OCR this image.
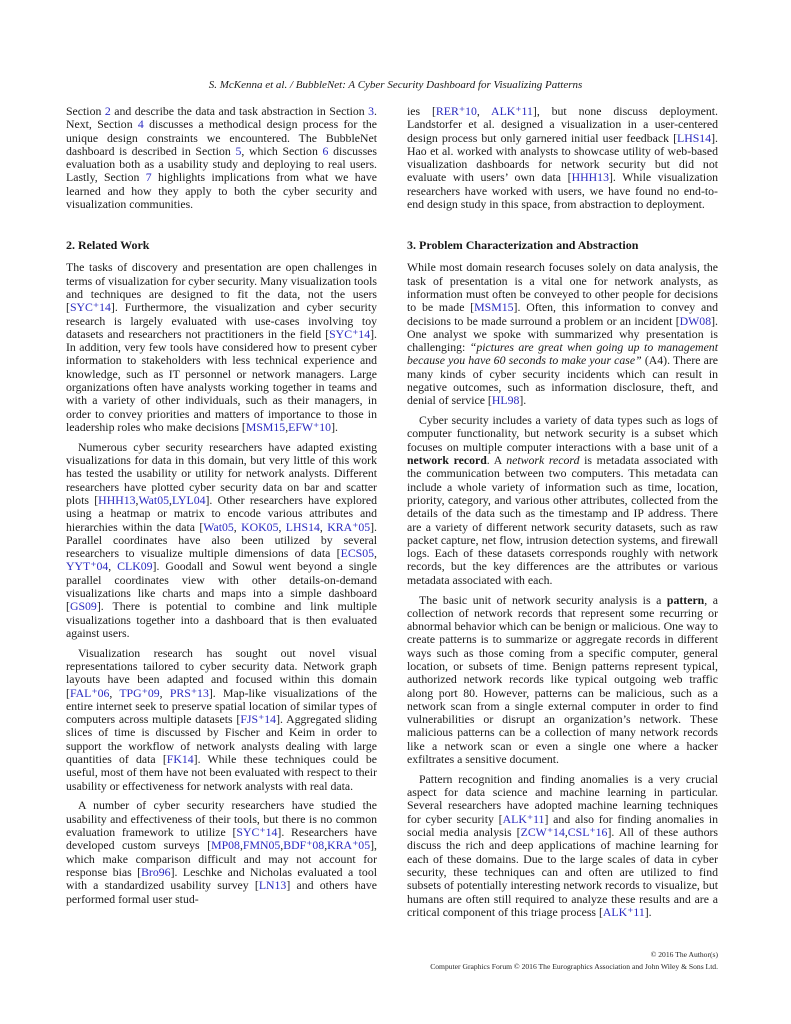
S. McKenna et al. / BubbleNet: A Cyber Security Dashboard for Visualizing Patterns

Section 2 and describe the data and task abstraction in Section 3. Next, Section 4 discusses a methodical design process for the unique design constraints we encountered. The BubbleNet dashboard is described in Section 5, which Section 6 discusses evaluation both as a usability study and deploying to real users. Lastly, Section 7 highlights implications from what we have learned and how they apply to both the cyber security and visualization communities.

2. Related Work

The tasks of discovery and presentation are open challenges in terms of visualization for cyber security. Many visualization tools and techniques are designed to fit the data, not the users [SYC⁺14]. Furthermore, the visualization and cyber security research is largely evaluated with use-cases involving toy datasets and researchers not practitioners in the field [SYC⁺14]. In addition, very few tools have considered how to present cyber information to stakeholders with less technical experience and knowledge, such as IT personnel or network managers. Large organizations often have analysts working together in teams and with a variety of other individuals, such as their managers, in order to convey priorities and matters of importance to those in leadership roles who make decisions [MSM15,EFW⁺10].

Numerous cyber security researchers have adapted existing visualizations for data in this domain, but very little of this work has tested the usability or utility for network analysts. Different researchers have plotted cyber security data on bar and scatter plots [HHH13,Wat05,LYL04]. Other researchers have explored using a heatmap or matrix to encode various attributes and hierarchies within the data [Wat05, KOK05, LHS14, KRA⁺05]. Parallel coordinates have also been utilized by several researchers to visualize multiple dimensions of data [ECS05, YYT⁺04, CLK09]. Goodall and Sowul went beyond a single parallel coordinates view with other details-on-demand visualizations like charts and maps into a simple dashboard [GS09]. There is potential to combine and link multiple visualizations together into a dashboard that is then evaluated against users.

Visualization research has sought out novel visual representations tailored to cyber security data. Network graph layouts have been adapted and focused within this domain [FAL⁺06, TPG⁺09, PRS⁺13]. Map-like visualizations of the entire internet seek to preserve spatial location of similar types of computers across multiple datasets [FJS⁺14]. Aggregated sliding slices of time is discussed by Fischer and Keim in order to support the workflow of network analysts dealing with large quantities of data [FK14]. While these techniques could be useful, most of them have not been evaluated with respect to their usability or effectiveness for network analysts with real data.

A number of cyber security researchers have studied the usability and effectiveness of their tools, but there is no common evaluation framework to utilize [SYC⁺14]. Researchers have developed custom surveys [MP08,FMN05,BDF⁺08,KRA⁺05], which make comparison difficult and may not account for response bias [Bro96]. Leschke and Nicholas evaluated a tool with a standardized usability survey [LN13] and others have performed formal user stud-

ies [RER⁺10, ALK⁺11], but none discuss deployment. Landstorfer et al. designed a visualization in a user-centered design process but only garnered initial user feedback [LHS14]. Hao et al. worked with analysts to showcase utility of web-based visualization dashboards for network security but did not evaluate with users’ own data [HHH13]. While visualization researchers have worked with users, we have found no end-to-end design study in this space, from abstraction to deployment.

3. Problem Characterization and Abstraction

While most domain research focuses solely on data analysis, the task of presentation is a vital one for network analysts, as information must often be conveyed to other people for decisions to be made [MSM15]. Often, this information to convey and decisions to be made surround a problem or an incident [DW08]. One analyst we spoke with summarized why presentation is challenging: “pictures are great when going up to management because you have 60 seconds to make your case” (A4). There are many kinds of cyber security incidents which can result in negative outcomes, such as information disclosure, theft, and denial of service [HL98].

Cyber security includes a variety of data types such as logs of computer functionality, but network security is a subset which focuses on multiple computer interactions with a base unit of a network record. A network record is metadata associated with the communication between two computers. This metadata can include a whole variety of information such as time, location, priority, category, and various other attributes, collected from the details of the data such as the timestamp and IP address. There are a variety of different network security datasets, such as raw packet capture, net flow, intrusion detection systems, and firewall logs. Each of these datasets corresponds roughly with network records, but the key differences are the attributes or various metadata associated with each.

The basic unit of network security analysis is a pattern, a collection of network records that represent some recurring or abnormal behavior which can be benign or malicious. One way to create patterns is to summarize or aggregate records in different ways such as those coming from a specific computer, general location, or subsets of time. Benign patterns represent typical, authorized network records like typical outgoing web traffic along port 80. However, patterns can be malicious, such as a network scan from a single external computer in order to find vulnerabilities or disrupt an organization’s network. These malicious patterns can be a collection of many network records like a network scan or even a single one where a hacker exfiltrates a sensitive document.

Pattern recognition and finding anomalies is a very crucial aspect for data science and machine learning in particular. Several researchers have adopted machine learning techniques for cyber security [ALK⁺11] and also for finding anomalies in social media analysis [ZCW⁺14,CSL⁺16]. All of these authors discuss the rich and deep applications of machine learning for each of these domains. Due to the large scales of data in cyber security, these techniques can and often are utilized to find subsets of potentially interesting network records to visualize, but humans are often still required to analyze these results and are a critical component of this triage process [ALK⁺11].

© 2016 The Author(s)
Computer Graphics Forum © 2016 The Eurographics Association and John Wiley & Sons Ltd.
